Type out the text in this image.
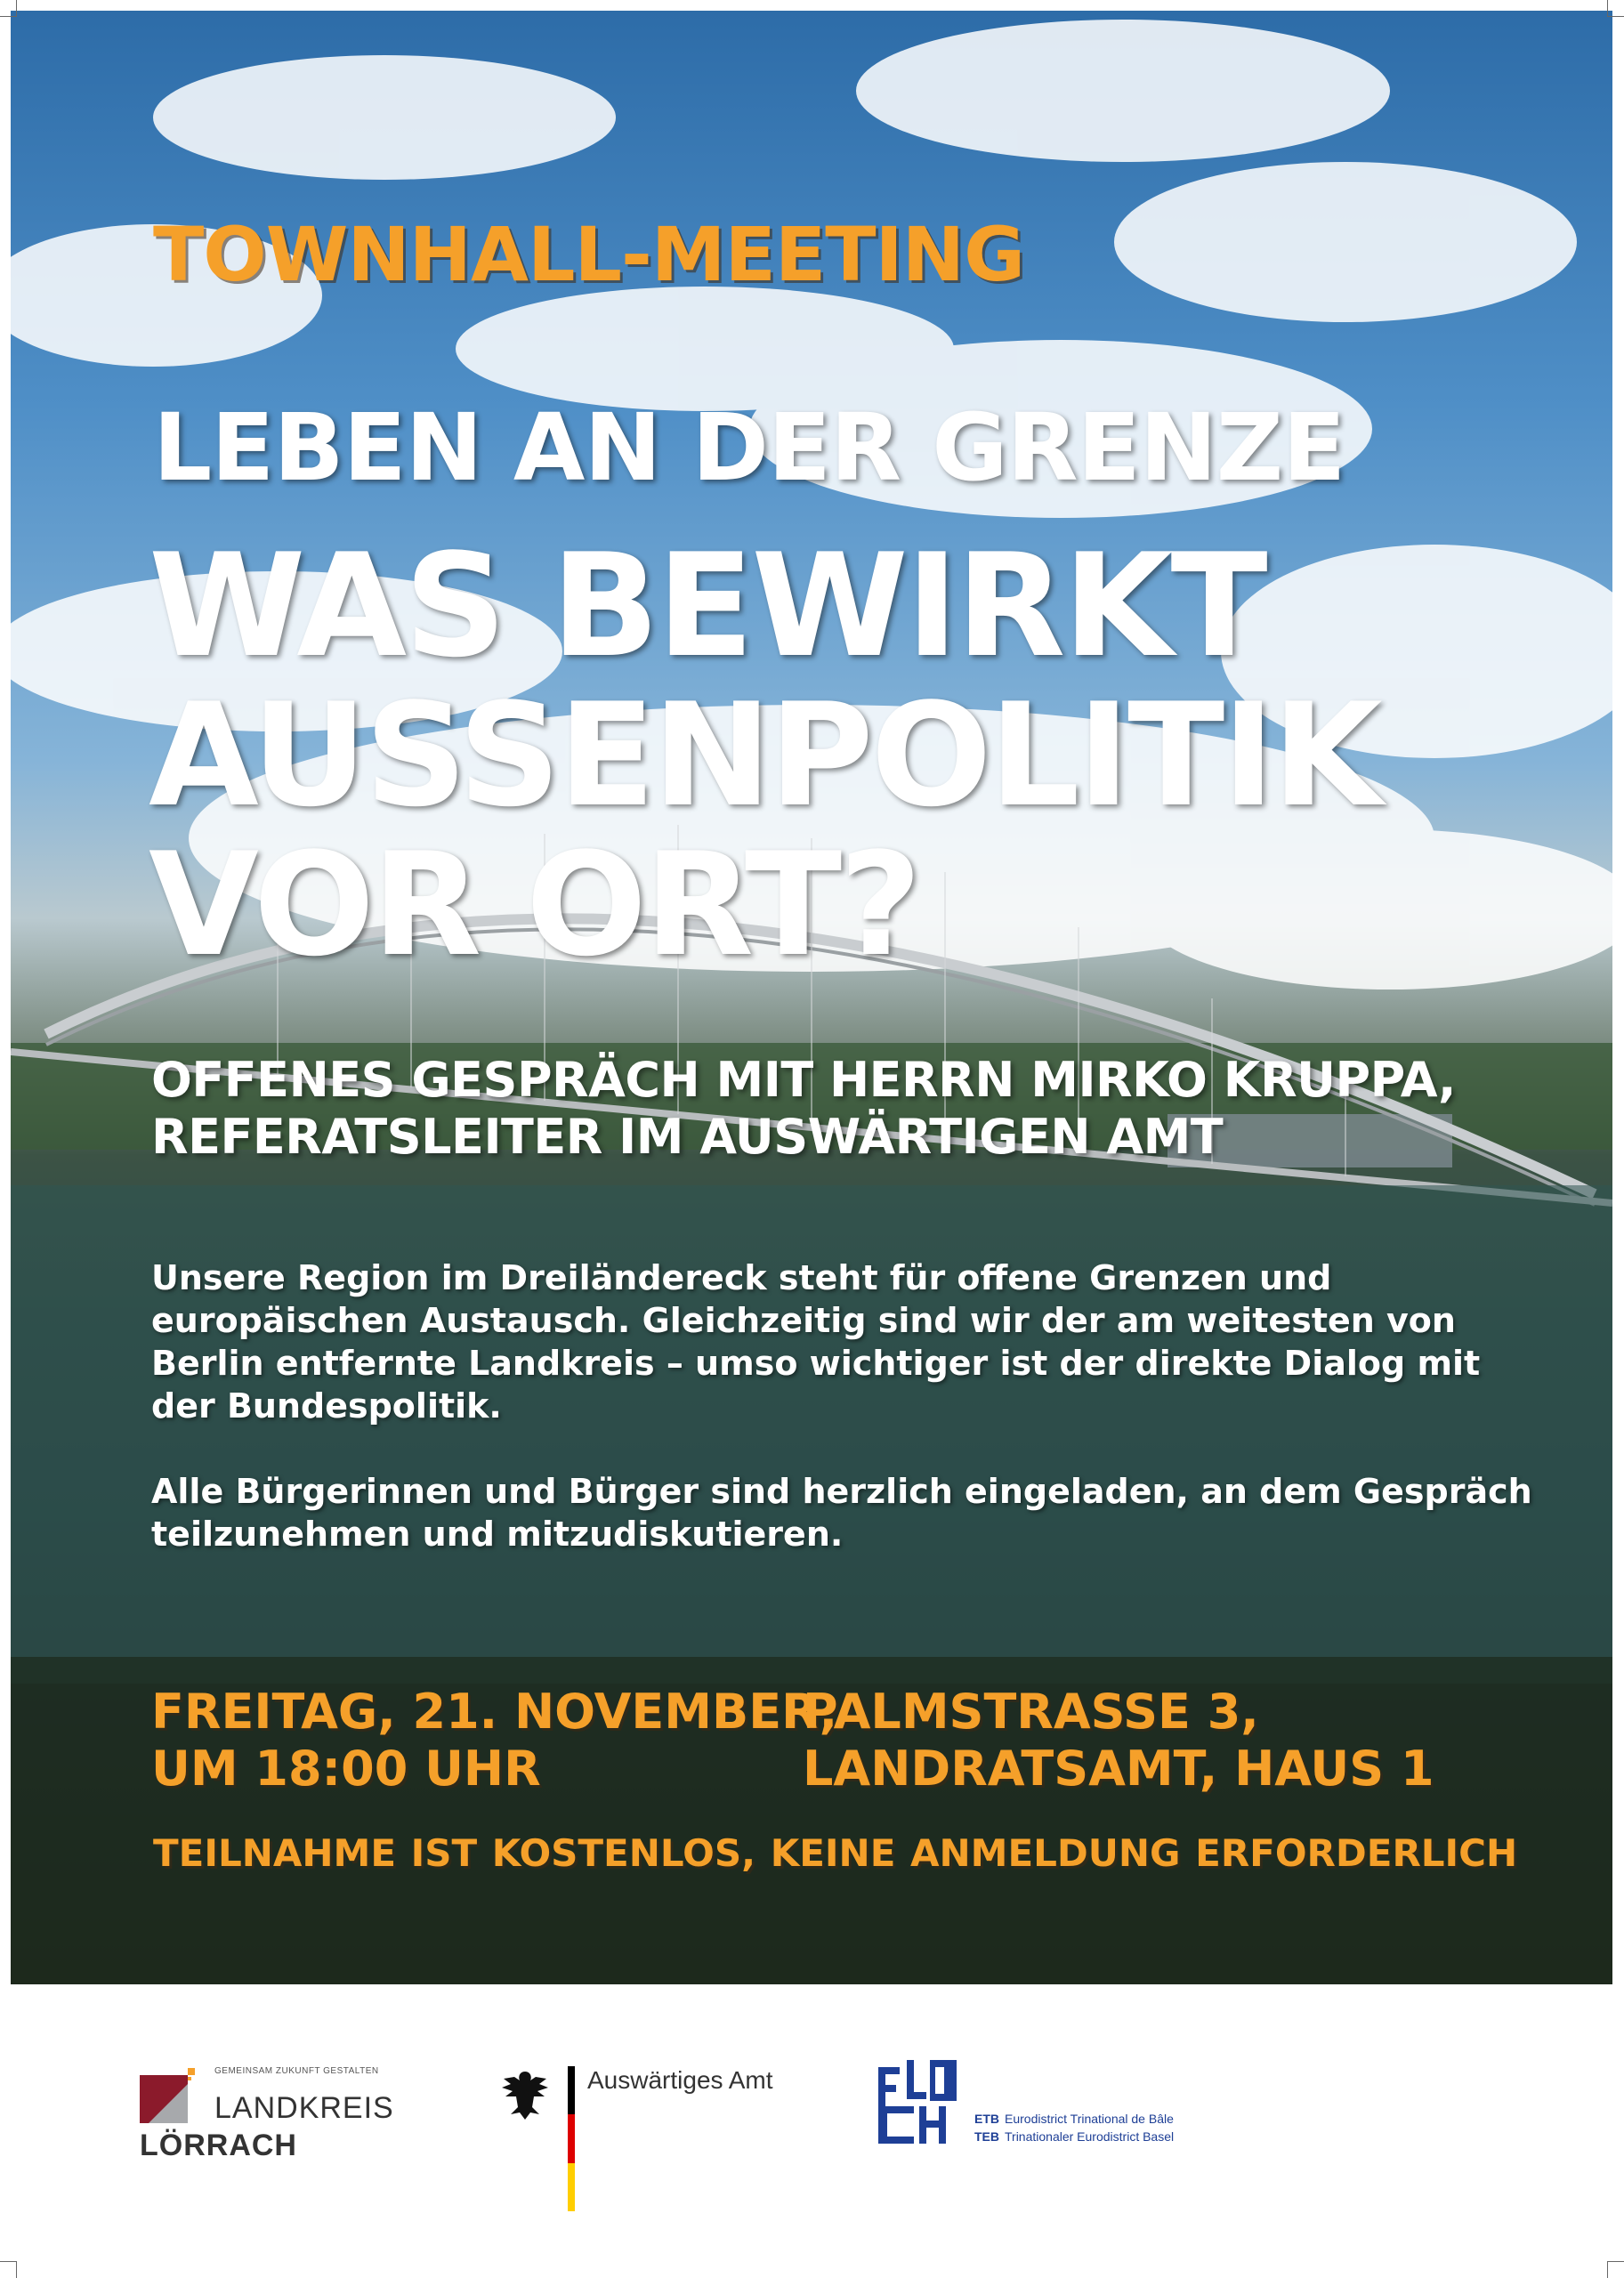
TOWNHALL-MEETING
LEBEN AN DER GRENZE
WAS BEWIRKT
AUSSENPOLITIK
VOR ORT?
OFFENES GESPRÄCH MIT HERRN MIRKO KRUPPA,
REFERATSLEITER IM AUSWÄRTIGEN AMT

Unsere Region im Dreiländereck steht für offene Grenzen und europäischen Austausch. Gleichzeitig sind wir der am weitesten von Berlin entfernte Landkreis – umso wichtiger ist der direkte Dialog mit der Bundespolitik.

Alle Bürgerinnen und Bürger sind herzlich eingeladen, an dem Gespräch teilzunehmen und mitzudiskutieren.

FREITAG, 21. NOVEMBER,
UM 18:00 UHR
PALMSTRASSE 3,
LANDRATSAMT, HAUS 1
TEILNAHME IST KOSTENLOS, KEINE ANMELDUNG ERFORDERLICH
GEMEINSAM ZUKUNFT GESTALTEN
LANDKREIS
LÖRRACH
Auswärtiges Amt
ETB Eurodistrict Trinational de Bâle
TEB Trinationaler Eurodistrict Basel
